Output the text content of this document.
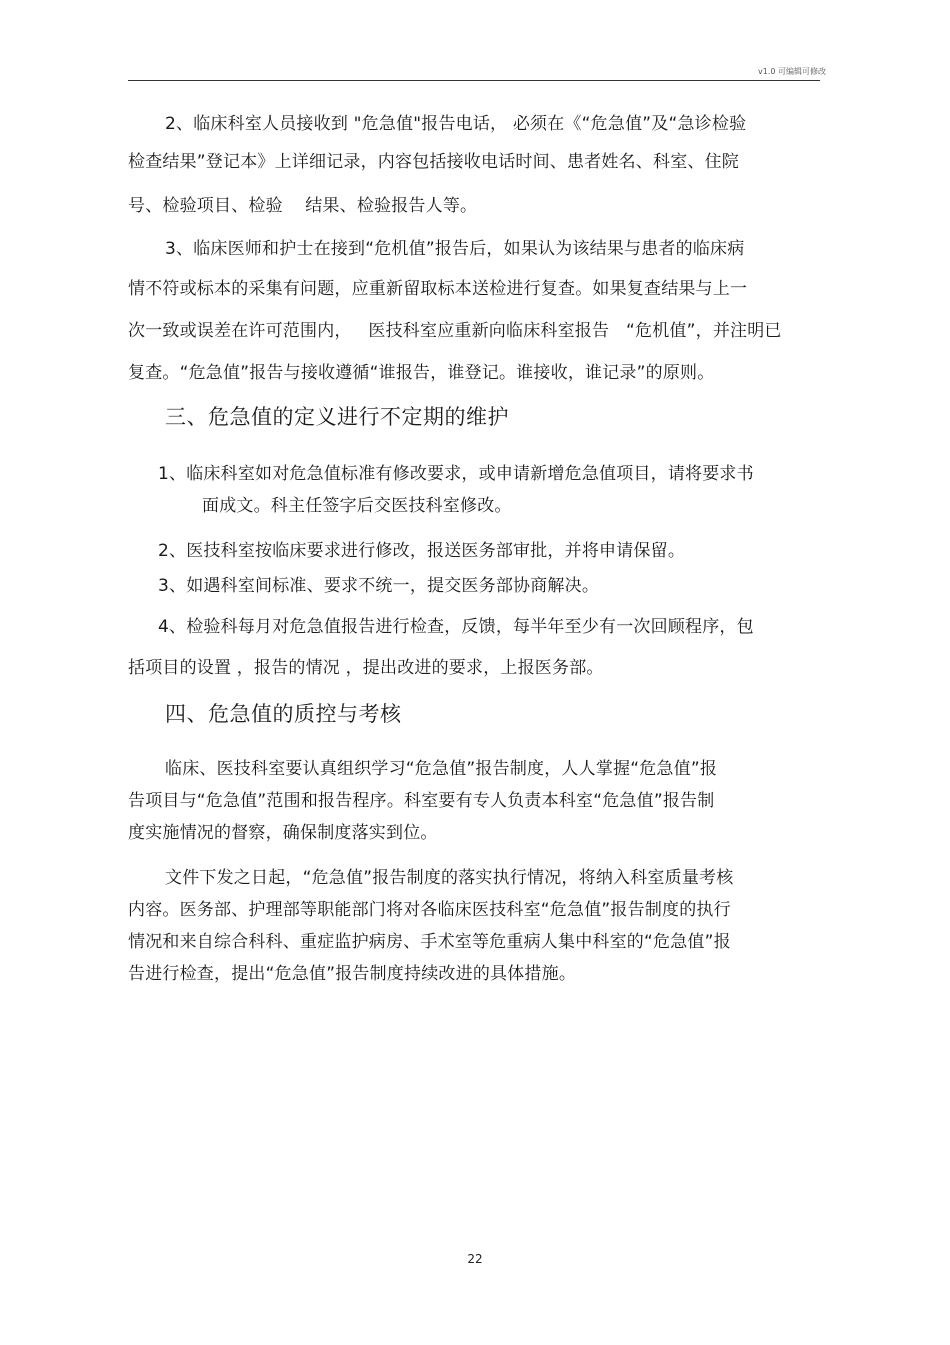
v1.0 可编辑可修改
2、临床科室人员接收到 "危急值"报告电话， 必须在《“危急值”及“急诊检验
检查结果”登记本》上详细记录，内容包括接收电话时间、患者姓名、科室、住院
号、检验项目、检验    结果、检验报告人等。
3、临床医师和护士在接到“危机值”报告后，如果认为该结果与患者的临床病
情不符或标本的采集有问题，应重新留取标本送检进行复查。如果复查结果与上一
次一致或误差在许可范围内，   医技科室应重新向临床科室报告   “危机值”，并注明已
复查。“危急值”报告与接收遵循“谁报告，谁登记。谁接收，谁记录”的原则。
三、危急值的定义进行不定期的维护
1、临床科室如对危急值标准有修改要求，或申请新增危急值项目，请将要求书
面成文。科主任签字后交医技科室修改。
2、医技科室按临床要求进行修改，报送医务部审批，并将申请保留。
3、如遇科室间标准、要求不统一，提交医务部协商解决。
4、检验科每月对危急值报告进行检查，反馈，每半年至少有一次回顾程序，包
括项目的设置 ，报告的情况 ，提出改进的要求，上报医务部。
四、危急值的质控与考核
临床、医技科室要认真组织学习“危急值”报告制度，人人掌握“危急值”报
告项目与“危急值”范围和报告程序。科室要有专人负责本科室“危急值”报告制
度实施情况的督察，确保制度落实到位。
文件下发之日起，“危急值”报告制度的落实执行情况，将纳入科室质量考核
内容。医务部、护理部等职能部门将对各临床医技科室“危急值”报告制度的执行
情况和来自综合科科、重症监护病房、手术室等危重病人集中科室的“危急值”报
告进行检查，提出“危急值”报告制度持续改进的具体措施。
22
